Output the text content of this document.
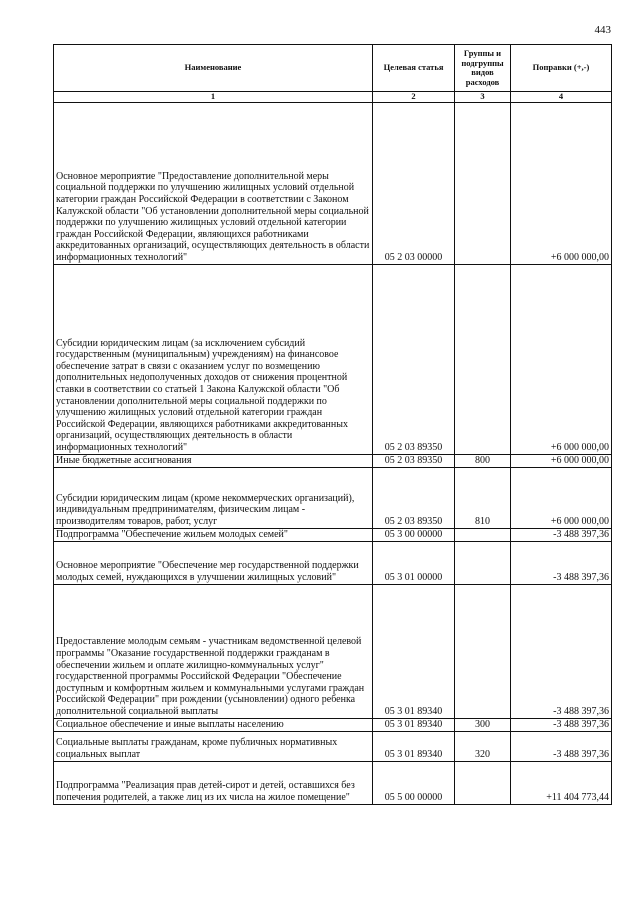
443
Наименование	Целевая статья	Группы и подгруппы видов расходов	Поправки (+,-)
1	2	3	4
Основное мероприятие "Предоставление дополнительной меры социальной поддержки по улучшению жилищных условий отдельной категории граждан Российской Федерации в соответствии с Законом Калужской области "Об установлении дополнительной меры социальной поддержки по улучшению жилищных условий отдельной категории граждан Российской Федерации, являющихся работниками аккредитованных организаций, осуществляющих деятельность в области информационных технологий"	05 2 03 00000		+6 000 000,00
Субсидии юридическим лицам (за исключением субсидий государственным (муниципальным) учреждениям) на финансовое обеспечение затрат в связи с оказанием услуг по возмещению дополнительных недополученных доходов от снижения процентной ставки в соответствии со статьей 1 Закона Калужской области "Об установлении дополнительной меры социальной поддержки по улучшению жилищных условий отдельной категории граждан Российской Федерации, являющихся работниками аккредитованных организаций, осуществляющих деятельность в области информационных технологий"	05 2 03 89350		+6 000 000,00
Иные бюджетные ассигнования	05 2 03 89350	800	+6 000 000,00
Субсидии юридическим лицам (кроме некоммерческих организаций), индивидуальным предпринимателям, физическим лицам - производителям товаров, работ, услуг	05 2 03 89350	810	+6 000 000,00
Подпрограмма "Обеспечение жильем молодых семей"	05 3 00 00000		-3 488 397,36
Основное мероприятие "Обеспечение мер государственной поддержки молодых семей, нуждающихся в улучшении жилищных условий"	05 3 01 00000		-3 488 397,36
Предоставление молодым семьям - участникам ведомственной целевой программы "Оказание государственной поддержки гражданам в обеспечении жильем и оплате жилищно-коммунальных услуг" государственной программы Российской Федерации "Обеспечение доступным и комфортным жильем и коммунальными услугами граждан Российской Федерации" при рождении (усыновлении) одного ребенка дополнительной социальной выплаты	05 3 01 89340		-3 488 397,36
Социальное обеспечение и иные выплаты населению	05 3 01 89340	300	-3 488 397,36
Социальные выплаты гражданам, кроме публичных нормативных социальных выплат	05 3 01 89340	320	-3 488 397,36
Подпрограмма "Реализация прав детей-сирот и детей, оставшихся без попечения родителей, а также лиц из их числа на жилое помещение"	05 5 00 00000		+11 404 773,44
